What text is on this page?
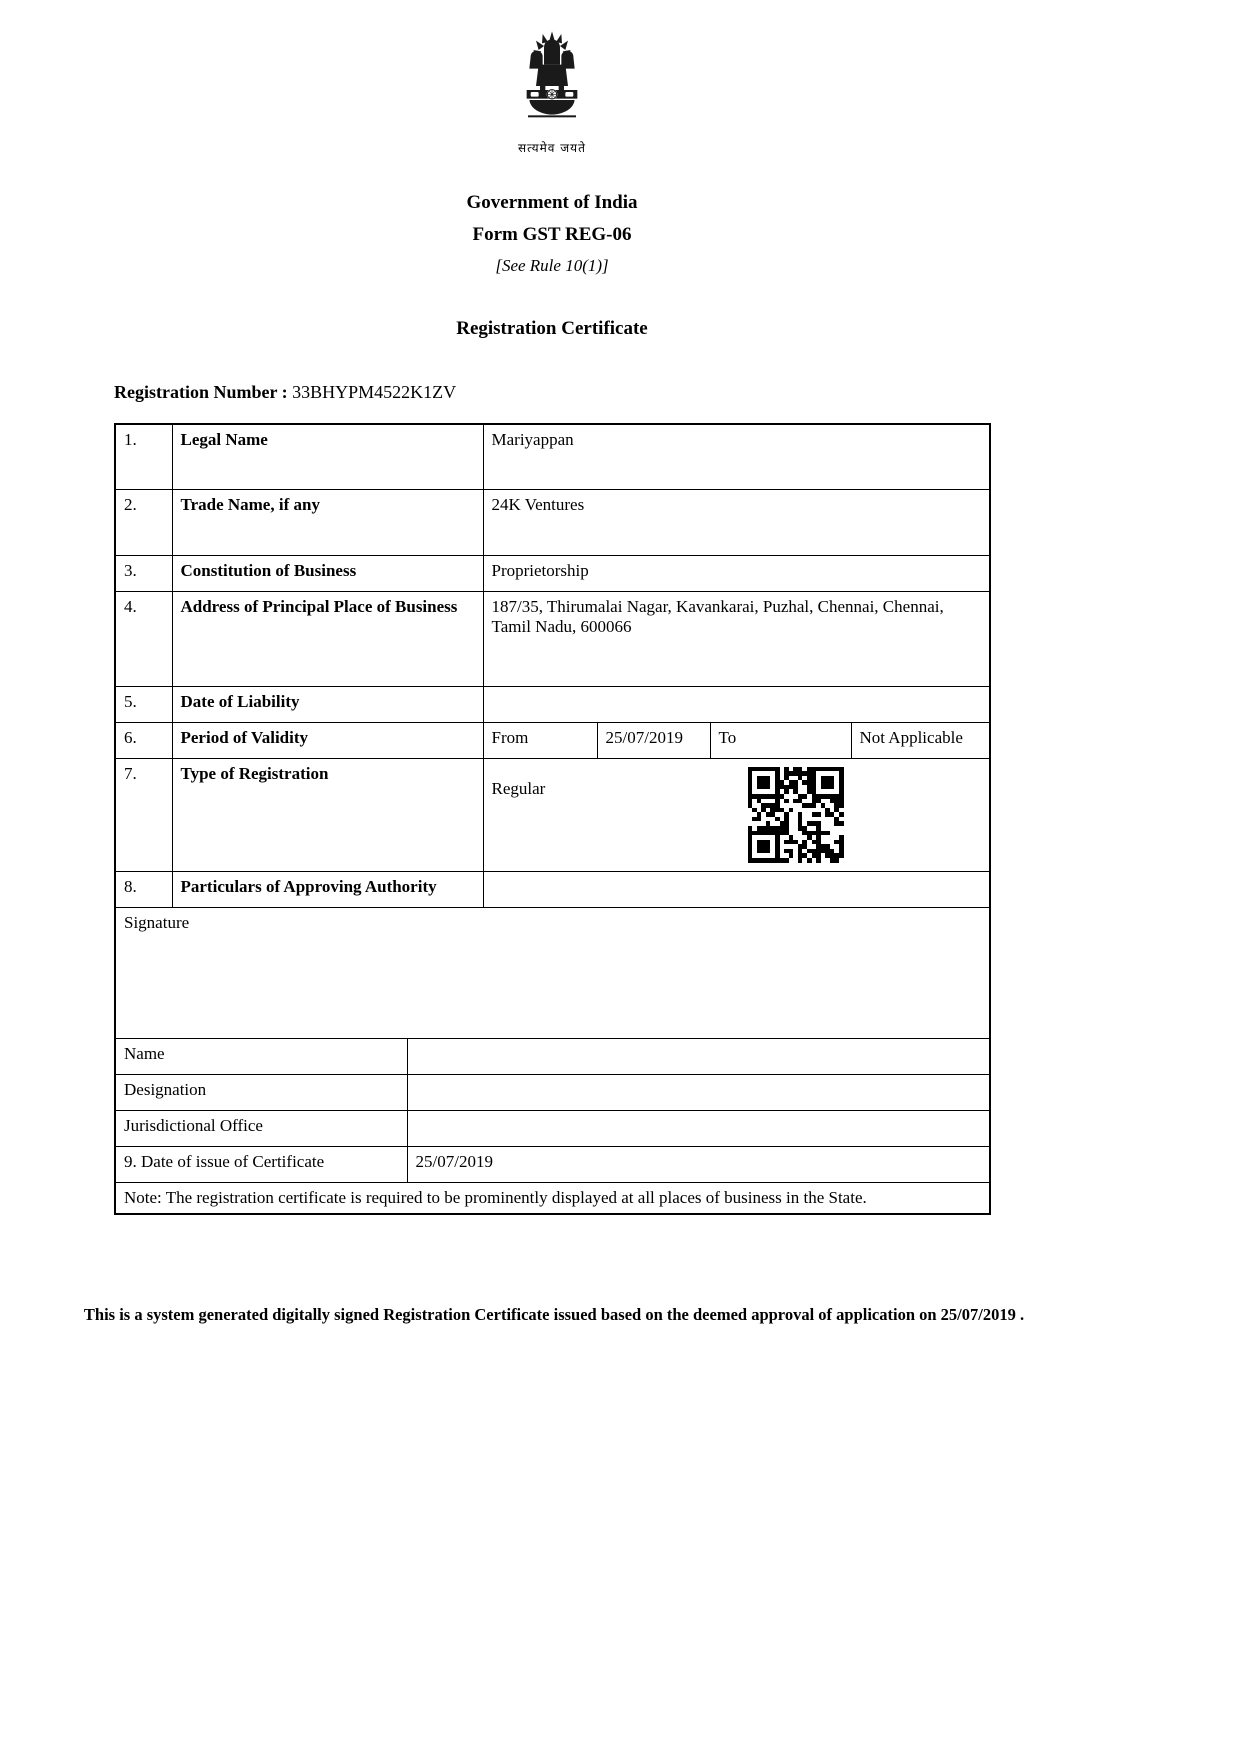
सत्यमेव जयते
Government of India
Form GST REG-06
[See Rule 10(1)]
Registration Certificate
Registration Number : 33BHYPM4522K1ZV
1.	Legal Name		Mariyappan			
2.	Trade Name, if any		24K Ventures			
3.	Constitution of Business		Proprietorship			
4.	Address of Principal Place of Business		187/35, Thirumalai Nagar, Kavankarai, Puzhal, Chennai, Chennai, Tamil Nadu, 600066			
5.	Date of Liability					
6.	Period of Validity		From	25/07/2019	To	Not Applicable
7.	Type of Registration		Regular			

8.	Particulars of Approving Authority					
Signature						
Name						
Designation						
Jurisdictional Office						
9. Date of issue of Certificate		25/07/2019				
Note: The registration certificate is required to be prominently displayed at all places of business in the State.						
This is a system generated digitally signed Registration Certificate issued based on the deemed approval of application on 25/07/2019 .
